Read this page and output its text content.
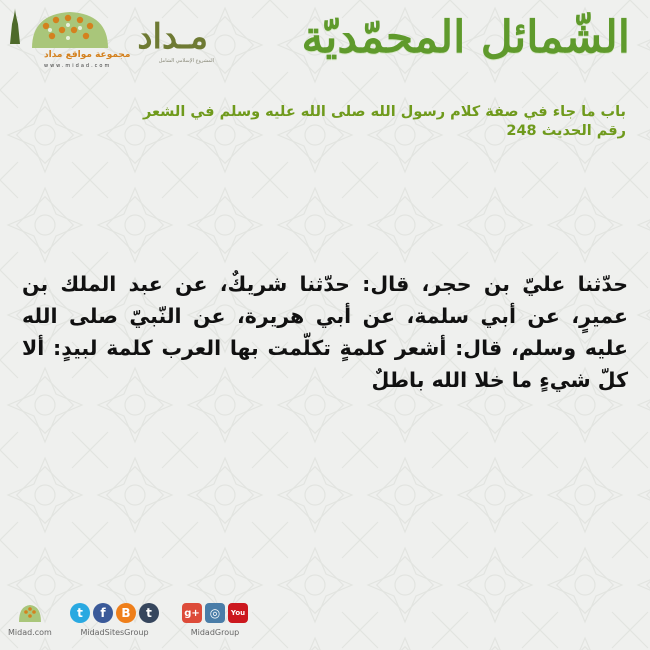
مجموعة مواقع مداد
www.midad.com
مـداد
المشروع الإسلامي الشامل الشّمائل المحمّديّة
باب ما جاء في صفة كلام رسول الله صلى الله عليه وسلم في الشعر
رقم الحديث 248
حدّثنا عليّ بن حجر، قال: حدّثنا شريكٌ، عن عبد الملك بن عميرٍ، عن أبي سلمة، عن أبي هريرة، عن النّبيّ صلى الله عليه وسلم، قال: أشعر كلمةٍ تكلّمت بها العرب كلمة لبيدٍ: ألا كلّ شيءٍ ما خلا الله باطلٌ
Midad.com
t	f	B	t
MidadSitesGroup
g+ ◎	You
MidadGroup
